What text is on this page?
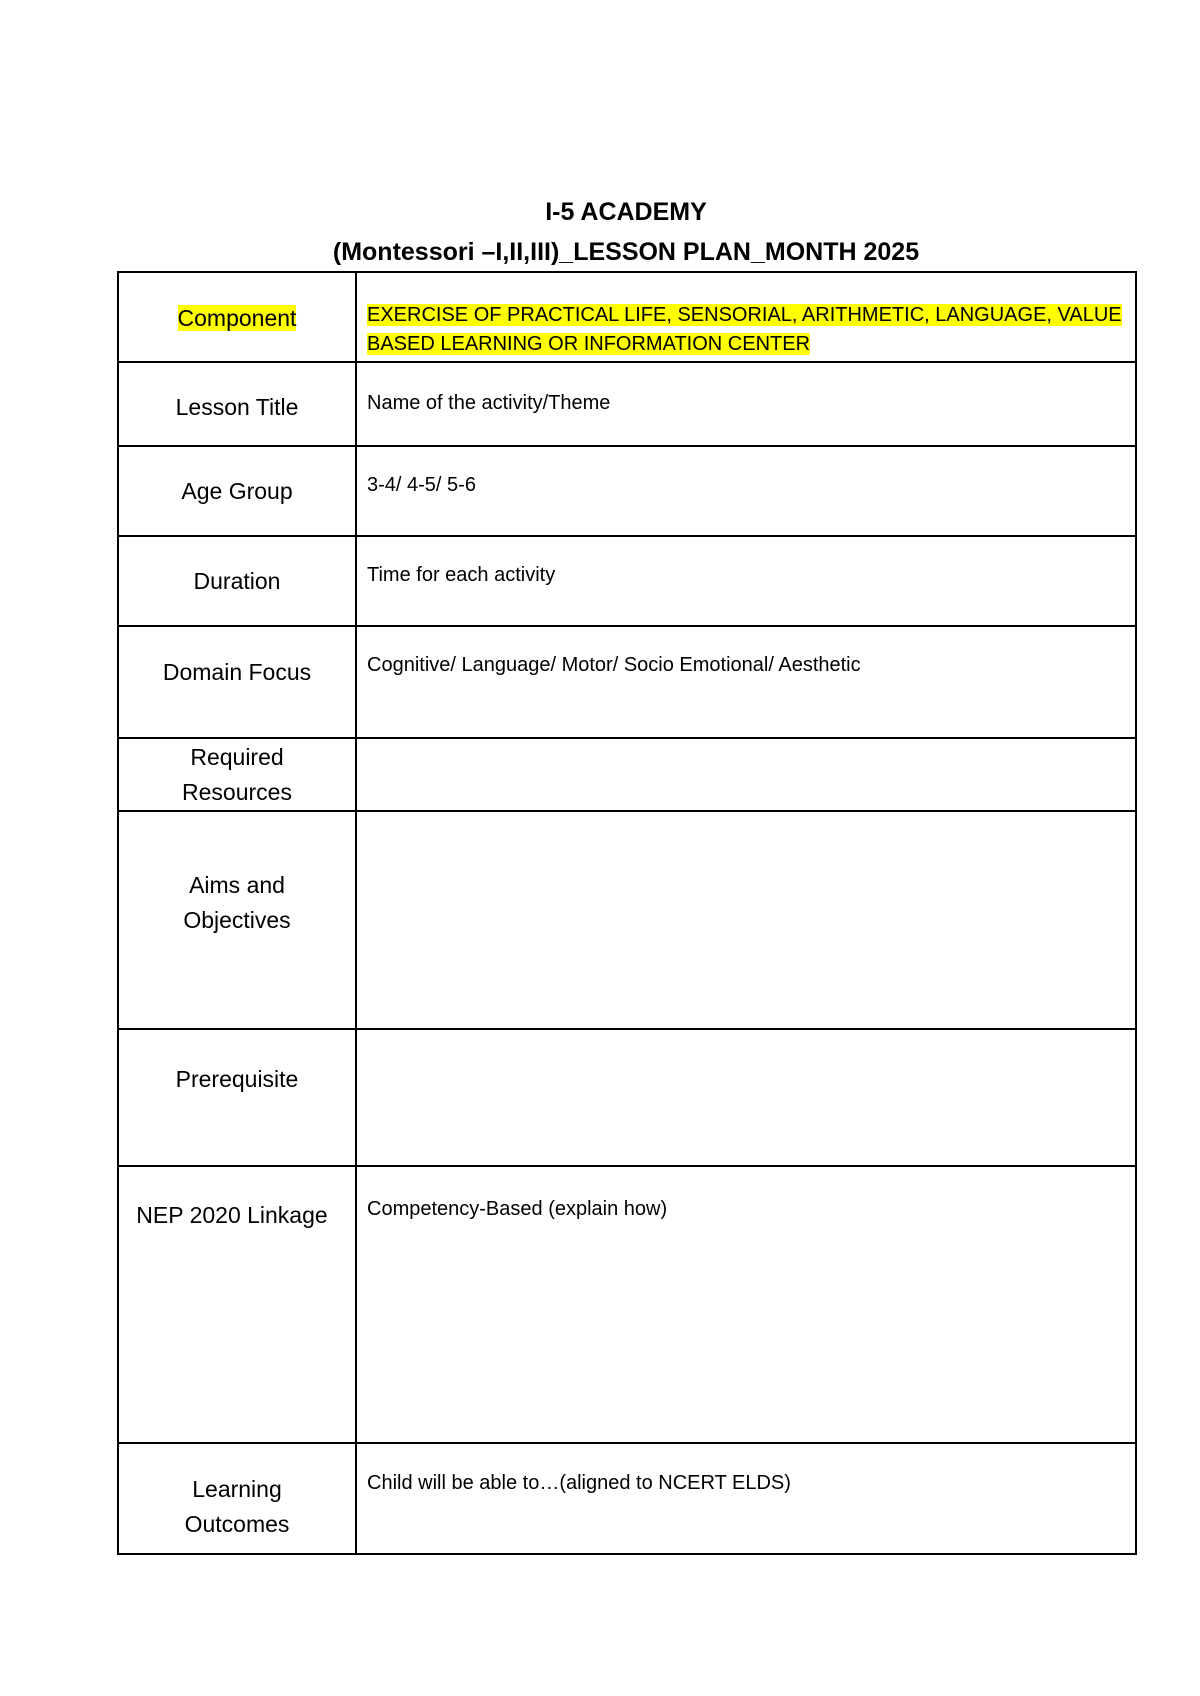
I-5 ACADEMY
(Montessori –I,II,III)_LESSON PLAN_MONTH 2025
Component	EXERCISE OF PRACTICAL LIFE, SENSORIAL, ARITHMETIC, LANGUAGE, VALUE BASED LEARNING OR INFORMATION CENTER

Lesson Title	Name of the activity/Theme

Age Group	3-4/ 4-5/ 5-6

Duration	Time for each activity

Domain Focus	Cognitive/ Language/ Motor/ Socio Emotional/ Aesthetic

Required Resources	

Aims and Objectives	

Prerequisite	

NEP 2020 Linkage	Competency-Based (explain how)

Learning Outcomes	Child will be able to…(aligned to NCERT ELDS)
